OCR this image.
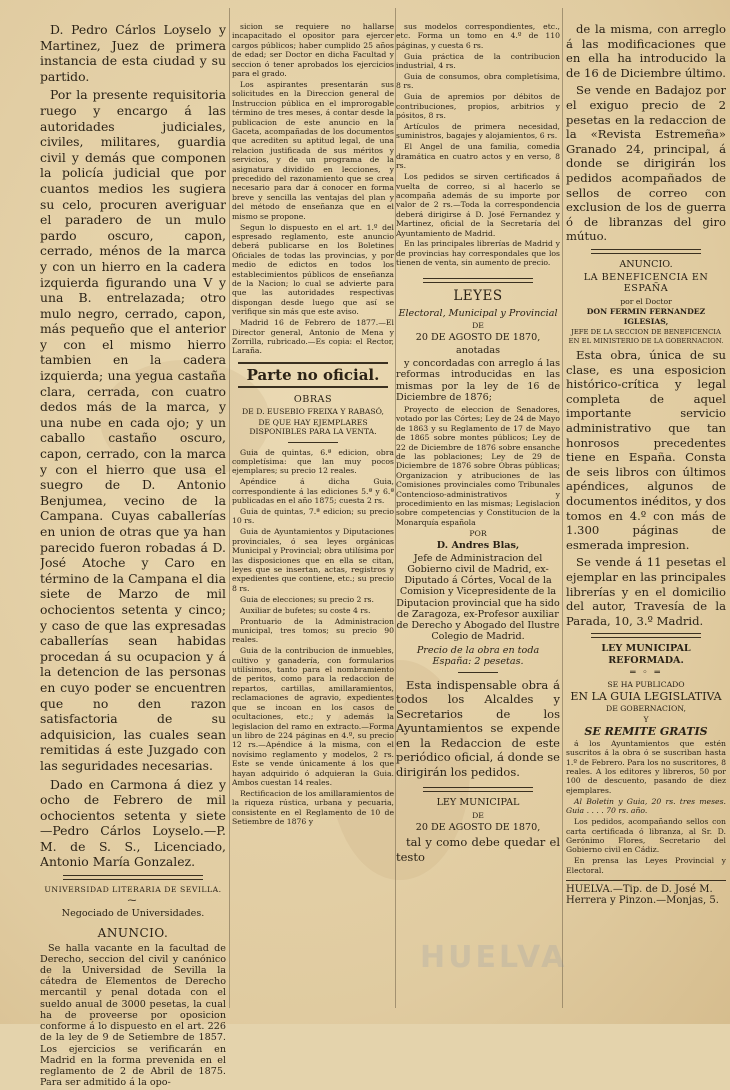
D. Pedro Cárlos Loyselo y Martinez, Juez de primera instancia de esta ciudad y su partido.

Por la presente requisitoria ruego y encargo á las autoridades judiciales, civiles, militares, guardia civil y demás que componen la policía judicial que por cuantos medios les sugiera su celo, procuren averiguar el paradero de un mulo pardo oscuro, capon, cerrado, ménos de la marca y con un hierro en la cadera izquierda figurando una V y una B. entrelazada; otro mulo negro, cerrado, capon, más pequeño que el anterior y con el mismo hierro tambien en la cadera izquierda; una yegua castaña clara, cerrada, con cuatro dedos más de la marca, y una nube en cada ojo; y un caballo castaño oscuro, capon, cerrado, con la marca y con el hierro que usa el suegro de D. Antonio Benjumea, vecino de la Campana. Cuyas caballerías en union de otras que ya han parecido fueron robadas á D. José Atoche y Caro en término de la Campana el dia siete de Marzo de mil ochocientos setenta y cinco; y caso de que las expresadas caballerías sean habidas procedan á su ocupacion y á la detencion de las personas en cuyo poder se encuentren que no den razon satisfactoria de su adquisicion, las cuales sean remitidas á este Juzgado con las seguridades necesarias.

Dado en Carmona á diez y ocho de Febrero de mil ochocientos setenta y siete —Pedro Cárlos Loyselo.—P. M. de S. S., Licenciado, Antonio María Gonzalez.

UNIVERSIDAD LITERARIA DE SEVILLA.

⁓

Negociado de Universidades.

ANUNCIO.

Se halla vacante en la facultad de Derecho, seccion del civil y canónico de la Universidad de Sevilla la cátedra de Elementos de Derecho mercantil y penal dotada con el sueldo anual de 3000 pesetas, la cual ha de proveerse por oposicion conforme á lo dispuesto en el art. 226 de la ley de 9 de Setiembre de 1857. Los ejercicios se verificarán en Madrid en la forma prevenida en el reglamento de 2 de Abril de 1875. Para ser admitido á la opo-

sicion se requiere no hallarse incapacitado el opositor para ejercer cargos públicos; haber cumplido 25 años de edad; ser Doctor en dicha Facultad y seccion ó tener aprobados los ejercicios para el grado.

Los aspirantes presentarán sus solicitudes en la Direccion general de Instruccion pública en el improrogable término de tres meses, á contar desde la publicacion de este anuncio en la Gaceta, acompañadas de los documentos que acrediten su aptitud legal, de una relacion justificada de sus méritos y servicios, y de un programa de la asignatura dividido en lecciones, y precedido del razonamiento que se crea necesario para dar á conocer en forma breve y sencilla las ventajas del plan y del método de enseñanza que en el mismo se propone.

Segun lo dispuesto en el art. 1.º del espresado reglamento, este anuncio deberá publicarse en los Boletines Oficiales de todas las provincias, y por medio de edictos en todos los establecimientos públicos de enseñanza de la Nacion; lo cual se advierte para que las autoridades respectivas dispongan desde luego que así se verifique sin más que este aviso.

Madrid 16 de Febrero de 1877.—El Director general, Antonio de Mena y Zorrilla, rubricado.—Es copia: el Rector, Laraña.

Parte no oficial.

OBRAS

DE D. EUSEBIO FREIXA Y RABASÓ,

DE QUE HAY EJEMPLARES DISPONIBLES PARA LA VENTA.

Guia de quintas, 6.ª edicion, obra completísima: que lan muy pocos ejemplares; su precio 12 reales.

Apéndice á dicha Guia, correspondiente á las ediciones 5.ª y 6.ª publicadas en el año 1875; cuesta 2 rs.

Guia de quintas, 7.ª edicion; su precio 10 rs.

Guia de Ayuntamientos y Diputaciones provinciales, ó sea leyes orgánicas Municipal y Provincial; obra utilísima por las disposiciones que en ella se citan, leyes que se insertan, actas, registros y expedientes que contiene, etc.; su precio 8 rs.

Guia de elecciones; su precio 2 rs.

Auxiliar de bufetes; su coste 4 rs.

Prontuario de la Administracion municipal, tres tomos; su precio 90 reales.

Guia de la contribucion de inmuebles, cultivo y ganadería, con formularios utilísimos, tanto para el nombramiento de peritos, como para la redaccion de repartos, cartillas, amillaramientos, reclamaciones de agravio, expedientes que se incoan en los casos de ocultaciones, etc.; y además la legislacion del ramo en extracto.—Forma un libro de 224 páginas en 4.º, su precio 12 rs.—Apéndice á la misma, con el novísimo reglamento y modelos, 2 rs. Este se vende únicamente á los que hayan adquirido ó adquieran la Guia. Ambos cuestan 14 reales.

Rectificacion de los amillaramientos de la riqueza rústica, urbana y pecuaria, consistente en el Reglamento de 10 de Setiembre de 1876 y

sus modelos correspondientes, etc., etc. Forma un tomo en 4.º de 110 páginas, y cuesta 6 rs.

Guia práctica de la contribucion industrial, 4 rs.

Guia de consumos, obra completísima, 8 rs.

Guia de apremios por débitos de contribuciones, propios, arbitrios y pósitos, 8 rs.

Artículos de primera necesidad, suministros, bagajes y alojamientos, 6 rs.

El Angel de una familia, comedia dramática en cuatro actos y en verso, 8 rs.

Los pedidos se sirven certificados á vuelta de correo, si al hacerlo se acompaña además de su importe por valor de 2 rs.—Toda la correspondencia deberá dirigirse á D. José Fernandez y Martinez, oficial de la Secretaría del Ayuntamiento de Madrid.

En las principales librerías de Madrid y de provincias hay correspondales que los tienen de venta, sin aumento de precio.

LEYES

Electoral, Municipal y Provincial

DE

20 DE AGOSTO DE 1870,

anotadas

y concordadas con arreglo á las reformas introducidas en las mismas por la ley de 16 de Diciembre de 1876;

Proyecto de eleccion de Senadores, votado por las Córtes; Ley de 24 de Mayo de 1863 y su Reglamento de 17 de Mayo de 1865 sobre montes públicos; Ley de 22 de Diciembre de 1876 sobre ensanche de las poblaciones; Ley de 29 de Diciembre de 1876 sobre Obras públicas; Organizacion y atribuciones de las Comisiones provinciales como Tribunales Contencioso-administrativos y procedimiento en las mismas; Legislacion sobre competencias y Constitucion de la Monarquía española

POR

D. Andres Blas,

Jefe de Administracion del Gobierno civil de Madrid, ex-Diputado á Córtes, Vocal de la Comision y Vicepresidente de la Diputacion provincial que ha sido de Zaragoza, ex-Profesor auxiliar de Derecho y Abogado del Ilustre Colegio de Madrid.

Precio de la obra en toda España: 2 pesetas.

Esta indispensable obra á todos los Alcaldes y Secretarios de los Ayuntamientos se expende en la Redaccion de este periódico oficial, á donde se dirigirán los pedidos.

LEY MUNICIPAL

DE

20 DE AGOSTO DE 1870,

tal y como debe quedar el testo

de la misma, con arreglo á las modificaciones que en ella ha introducido la de 16 de Diciembre último.

Se vende en Badajoz por el exiguo precio de 2 pesetas en la redaccion de la «Revista Estremeña» Granado 24, principal, á donde se dirigirán los pedidos acompañados de sellos de correo con exclusion de los de guerra ó de libranzas del giro mútuo.

ANUNCIO.

LA BENEFICENCIA EN ESPAÑA

por el Doctor

DON FERMIN FERNANDEZ IGLESIAS,

JEFE DE LA SECCION DE BENEFICENCIA EN EL MINISTERIO DE LA GOBERNACION.

Esta obra, única de su clase, es una esposicion histórico-crítica y legal completa de aquel importante servicio administrativo que tan honrosos precedentes tiene en España. Consta de seis libros con últimos apéndices, algunos de documentos inéditos, y dos tomos en 4.º con más de 1.300 páginas de esmerada impresion.

Se vende á 11 pesetas el ejemplar en las principales librerías y en el domicilio del autor, Travesía de la Parada, 10, 3.º Madrid.

LEY MUNICIPAL REFORMADA.

═ ◦ ═

SE HA PUBLICADO

EN LA GUIA LEGISLATIVA

DE GOBERNACION,

Y

SE REMITE GRATIS

á los Ayuntamientos que estén suscritos á la obra ó se suscriban hasta 1.º de Febrero. Para los no suscritores, 8 reales. A los editores y libreros, 50 por 100 de descuento, pasando de diez ejemplares.

Al Boletin y Guia, 20 rs. tres meses. Guia . . . . 70 rs. año.

Los pedidos, acompañando sellos con carta certificada ó libranza, al Sr. D. Gerónimo Flores, Secretario del Gobierno civil en Cádiz.

En prensa las Leyes Provincial y Electoral.

HUELVA.—Tip. de D. José M. Herrera y Pinzon.—Monjas, 5.

HUELVA
